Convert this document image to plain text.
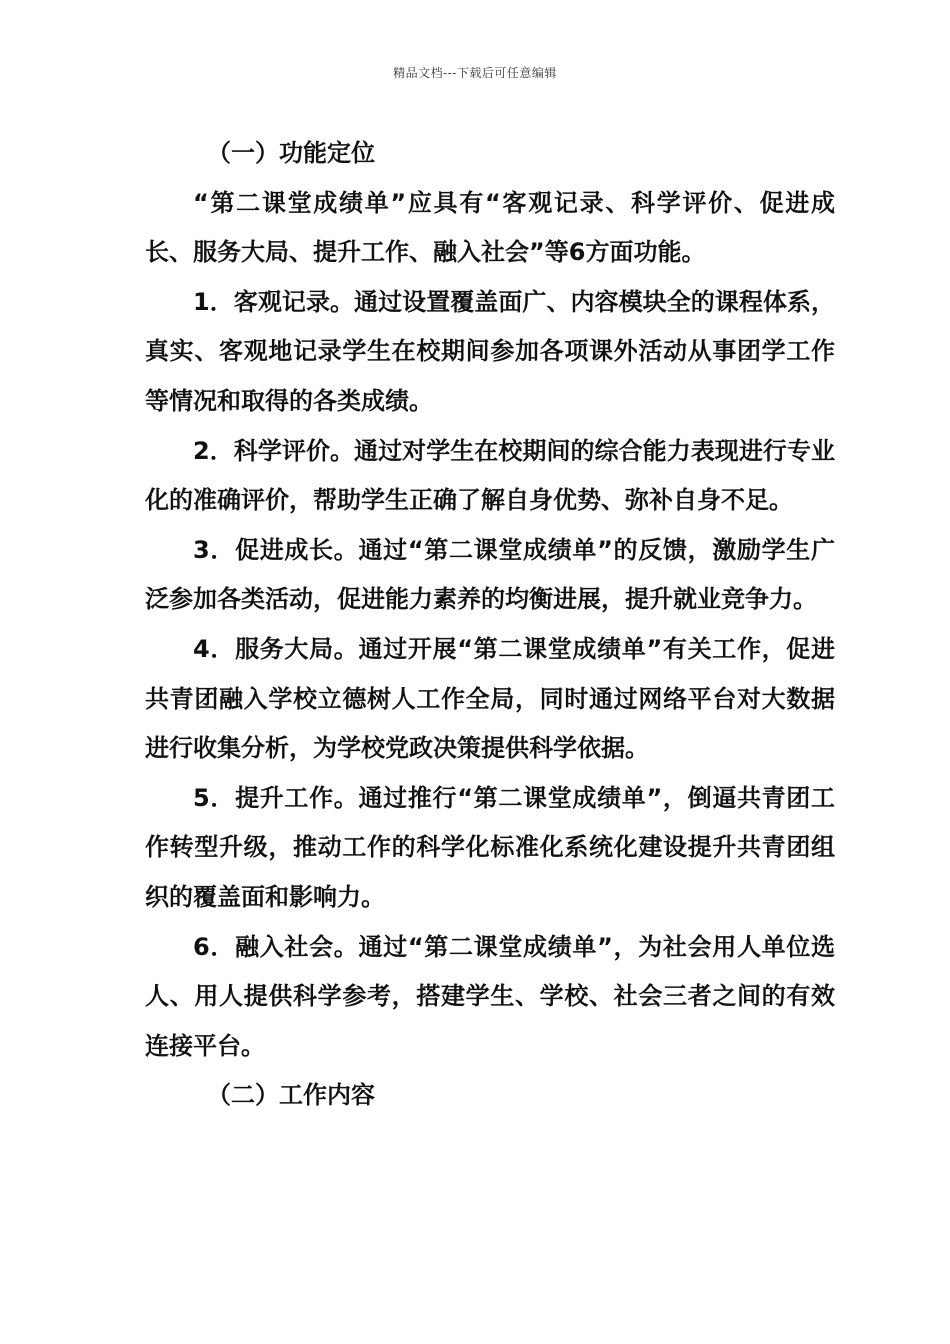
精品文档---下载后可任意编辑

（一）功能定位

“第二课堂成绩单”应具有“客观记录、科学评价、促进成长、服务大局、提升工作、融入社会”等6方面功能。

1．客观记录。通过设置覆盖面广、内容模块全的课程体系，真实、客观地记录学生在校期间参加各项课外活动从事团学工作等情况和取得的各类成绩。

2．科学评价。通过对学生在校期间的综合能力表现进行专业化的准确评价，帮助学生正确了解自身优势、弥补自身不足。

3．促进成长。通过“第二课堂成绩单”的反馈，激励学生广泛参加各类活动，促进能力素养的均衡进展，提升就业竞争力。

4．服务大局。通过开展“第二课堂成绩单”有关工作，促进共青团融入学校立德树人工作全局，同时通过网络平台对大数据进行收集分析，为学校党政决策提供科学依据。

5．提升工作。通过推行“第二课堂成绩单”，倒逼共青团工作转型升级，推动工作的科学化标准化系统化建设提升共青团组织的覆盖面和影响力。

6．融入社会。通过“第二课堂成绩单”，为社会用人单位选人、用人提供科学参考，搭建学生、学校、社会三者之间的有效连接平台。

（二）工作内容
